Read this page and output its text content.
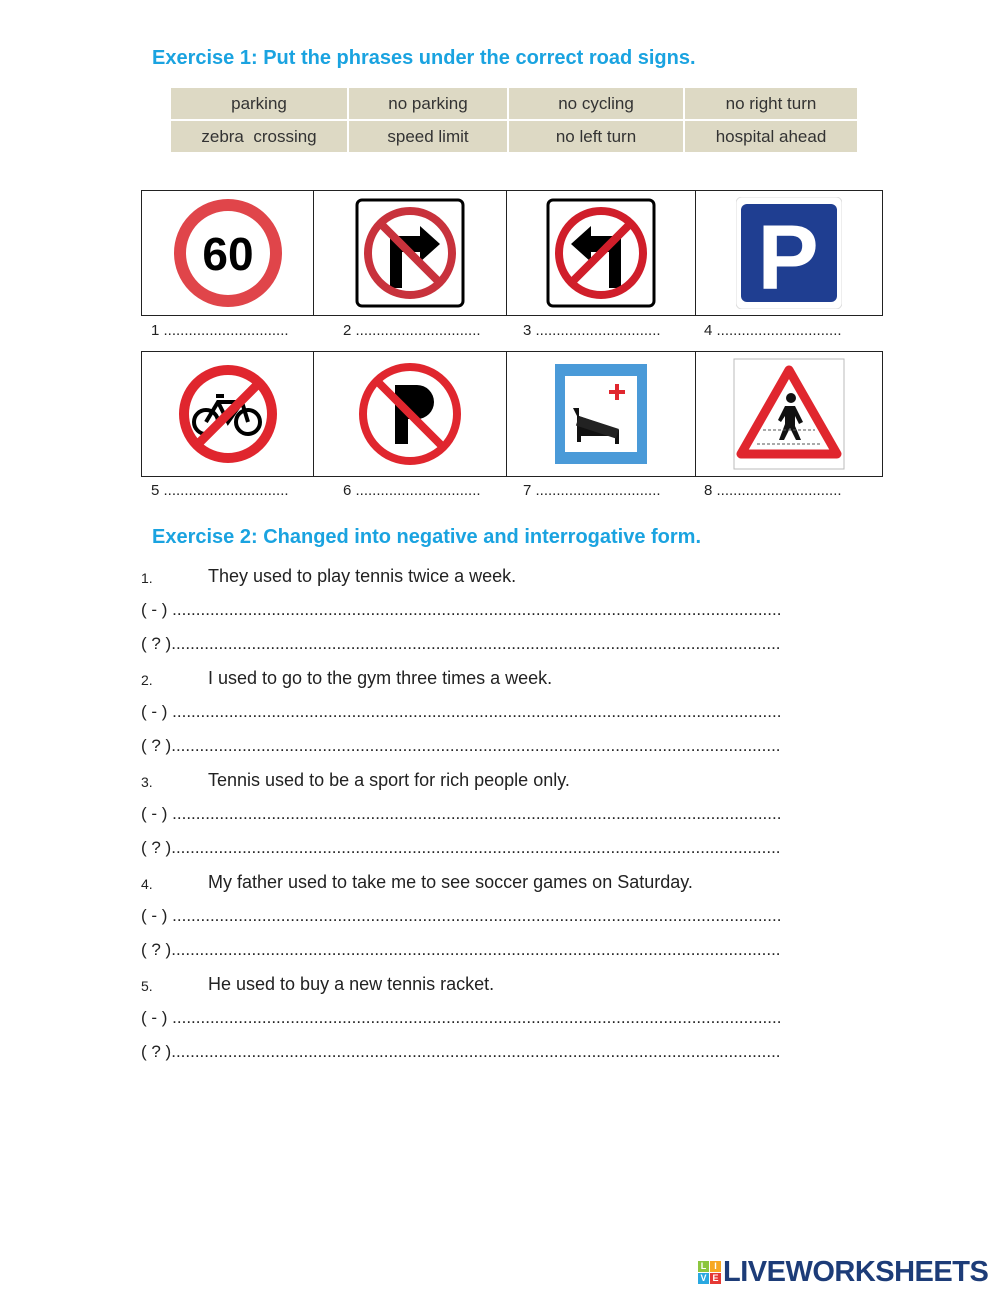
Exercise 1: Put the phrases under the correct road signs.
parking	no parking	no cycling	no right turn
zebra  crossing	speed limit	no left turn	hospital ahead
60	P
1 ..............................	2 ..............................	3 ..............................	4 ..............................
5 ..............................	6 ..............................	7 ..............................	8 ..............................
Exercise 2: Changed into negative and interrogative form.
1.	They used to play tennis twice a week.
( - ) .................................................................................................................................
( ? ).................................................................................................................................
2.	I used to go to the gym three times a week.
( - ) .................................................................................................................................
( ? ).................................................................................................................................
3.	Tennis used to be a sport for rich people only.
( - ) .................................................................................................................................
( ? ).................................................................................................................................
4.	My father used to take me to see soccer games on Saturday.
( - ) .................................................................................................................................
( ? ).................................................................................................................................
5.	He used to buy a new tennis racket.
( - ) .................................................................................................................................
( ? ).................................................................................................................................
L I
V E LIVEWORKSHEETS
